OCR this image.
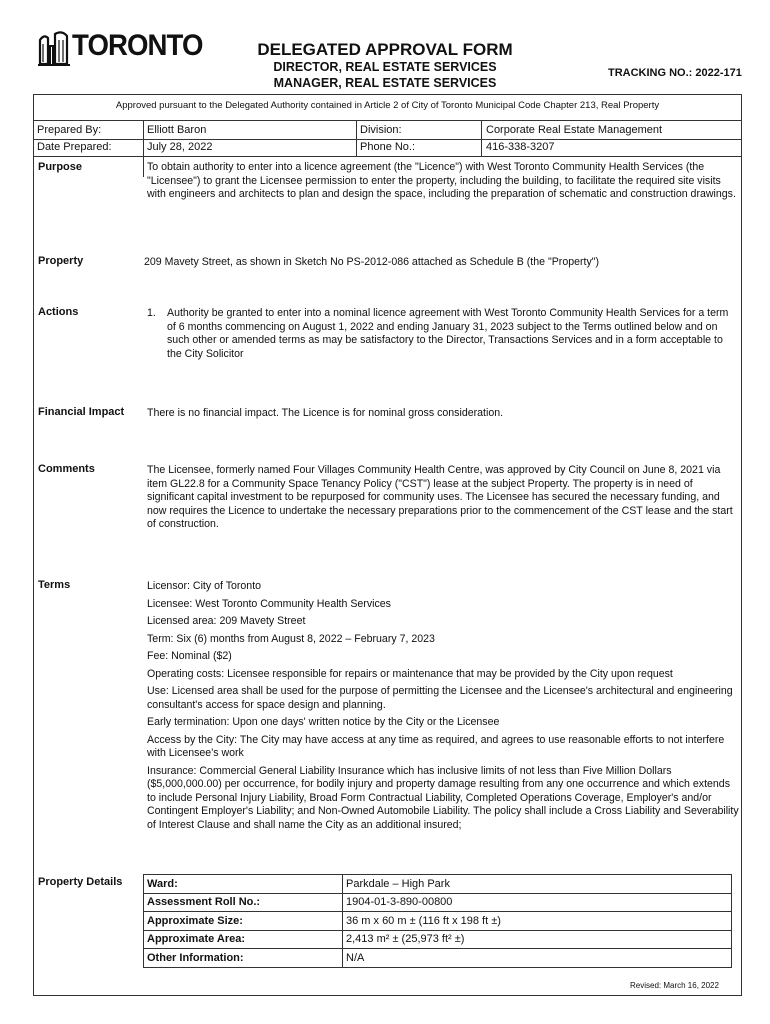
TORONTO	DELEGATED APPROVAL FORM
DIRECTOR, REAL ESTATE SERVICES
MANAGER, REAL ESTATE SERVICES
TRACKING NO.: 2022-171
Approved pursuant to the Delegated Authority contained in Article 2 of City of Toronto Municipal Code Chapter 213, Real Property
Prepared By:	Elliott Baron	Division:	Corporate Real Estate Management
Date Prepared:	July 28, 2022	Phone No.:	416-338-3207
Purpose	To obtain authority to enter into a licence agreement (the "Licence") with West Toronto Community Health Services (the "Licensee") to grant the Licensee permission to enter the property, including the building, to facilitate the required site visits with engineers and architects to plan and design the space, including the preparation of schematic and construction drawings.
Property	209 Mavety Street, as shown in Sketch No PS-2012-086 attached as Schedule B (the "Property")
Actions	1.	Authority be granted to enter into a nominal licence agreement with West Toronto Community Health Services for a term of 6 months commencing on August 1, 2022 and ending January 31, 2023 subject to the Terms outlined below and on such other or amended terms as may be satisfactory to the Director, Transactions Services and in a form acceptable to the City Solicitor
Financial Impact There is no financial impact. The Licence is for nominal gross consideration.
Comments	The Licensee, formerly named Four Villages Community Health Centre, was approved by City Council on June 8, 2021 via item GL22.8 for a Community Space Tenancy Policy ("CST") lease at the subject Property. The property is in need of significant capital investment to be repurposed for community uses. The Licensee has secured the necessary funding, and now requires the Licence to undertake the necessary preparations prior to the commencement of the CST lease and the start of construction.
Terms	Licensor: City of Toronto

Licensee: West Toronto Community Health Services

Licensed area: 209 Mavety Street

Term: Six (6) months from August 8, 2022 – February 7, 2023

Fee: Nominal ($2)

Operating costs: Licensee responsible for repairs or maintenance that may be provided by the City upon request

Use: Licensed area shall be used for the purpose of permitting the Licensee and the Licensee's architectural and engineering consultant's access for space design and planning.

Early termination: Upon one days' written notice by the City or the Licensee

Access by the City: The City may have access at any time as required, and agrees to use reasonable efforts to not interfere with Licensee's work

Insurance: Commercial General Liability Insurance which has inclusive limits of not less than Five Million Dollars ($5,000,000.00) per occurrence, for bodily injury and property damage resulting from any one occurrence and which extends to include Personal Injury Liability, Broad Form Contractual Liability, Completed Operations Coverage, Employer's and/or Contingent Employer's Liability; and Non-Owned Automobile Liability. The policy shall include a Cross Liability and Severability of Interest Clause and shall name the City as an additional insured;

Property Details Ward:	Parkdale – High Park
Assessment Roll No.:	1904-01-3-890-00800
Approximate Size:	36 m x 60 m ± (116 ft x 198 ft ±)
Approximate Area:	2,413 m² ± (25,973 ft² ±)
Other Information:	N/A
Revised: March 16, 2022
